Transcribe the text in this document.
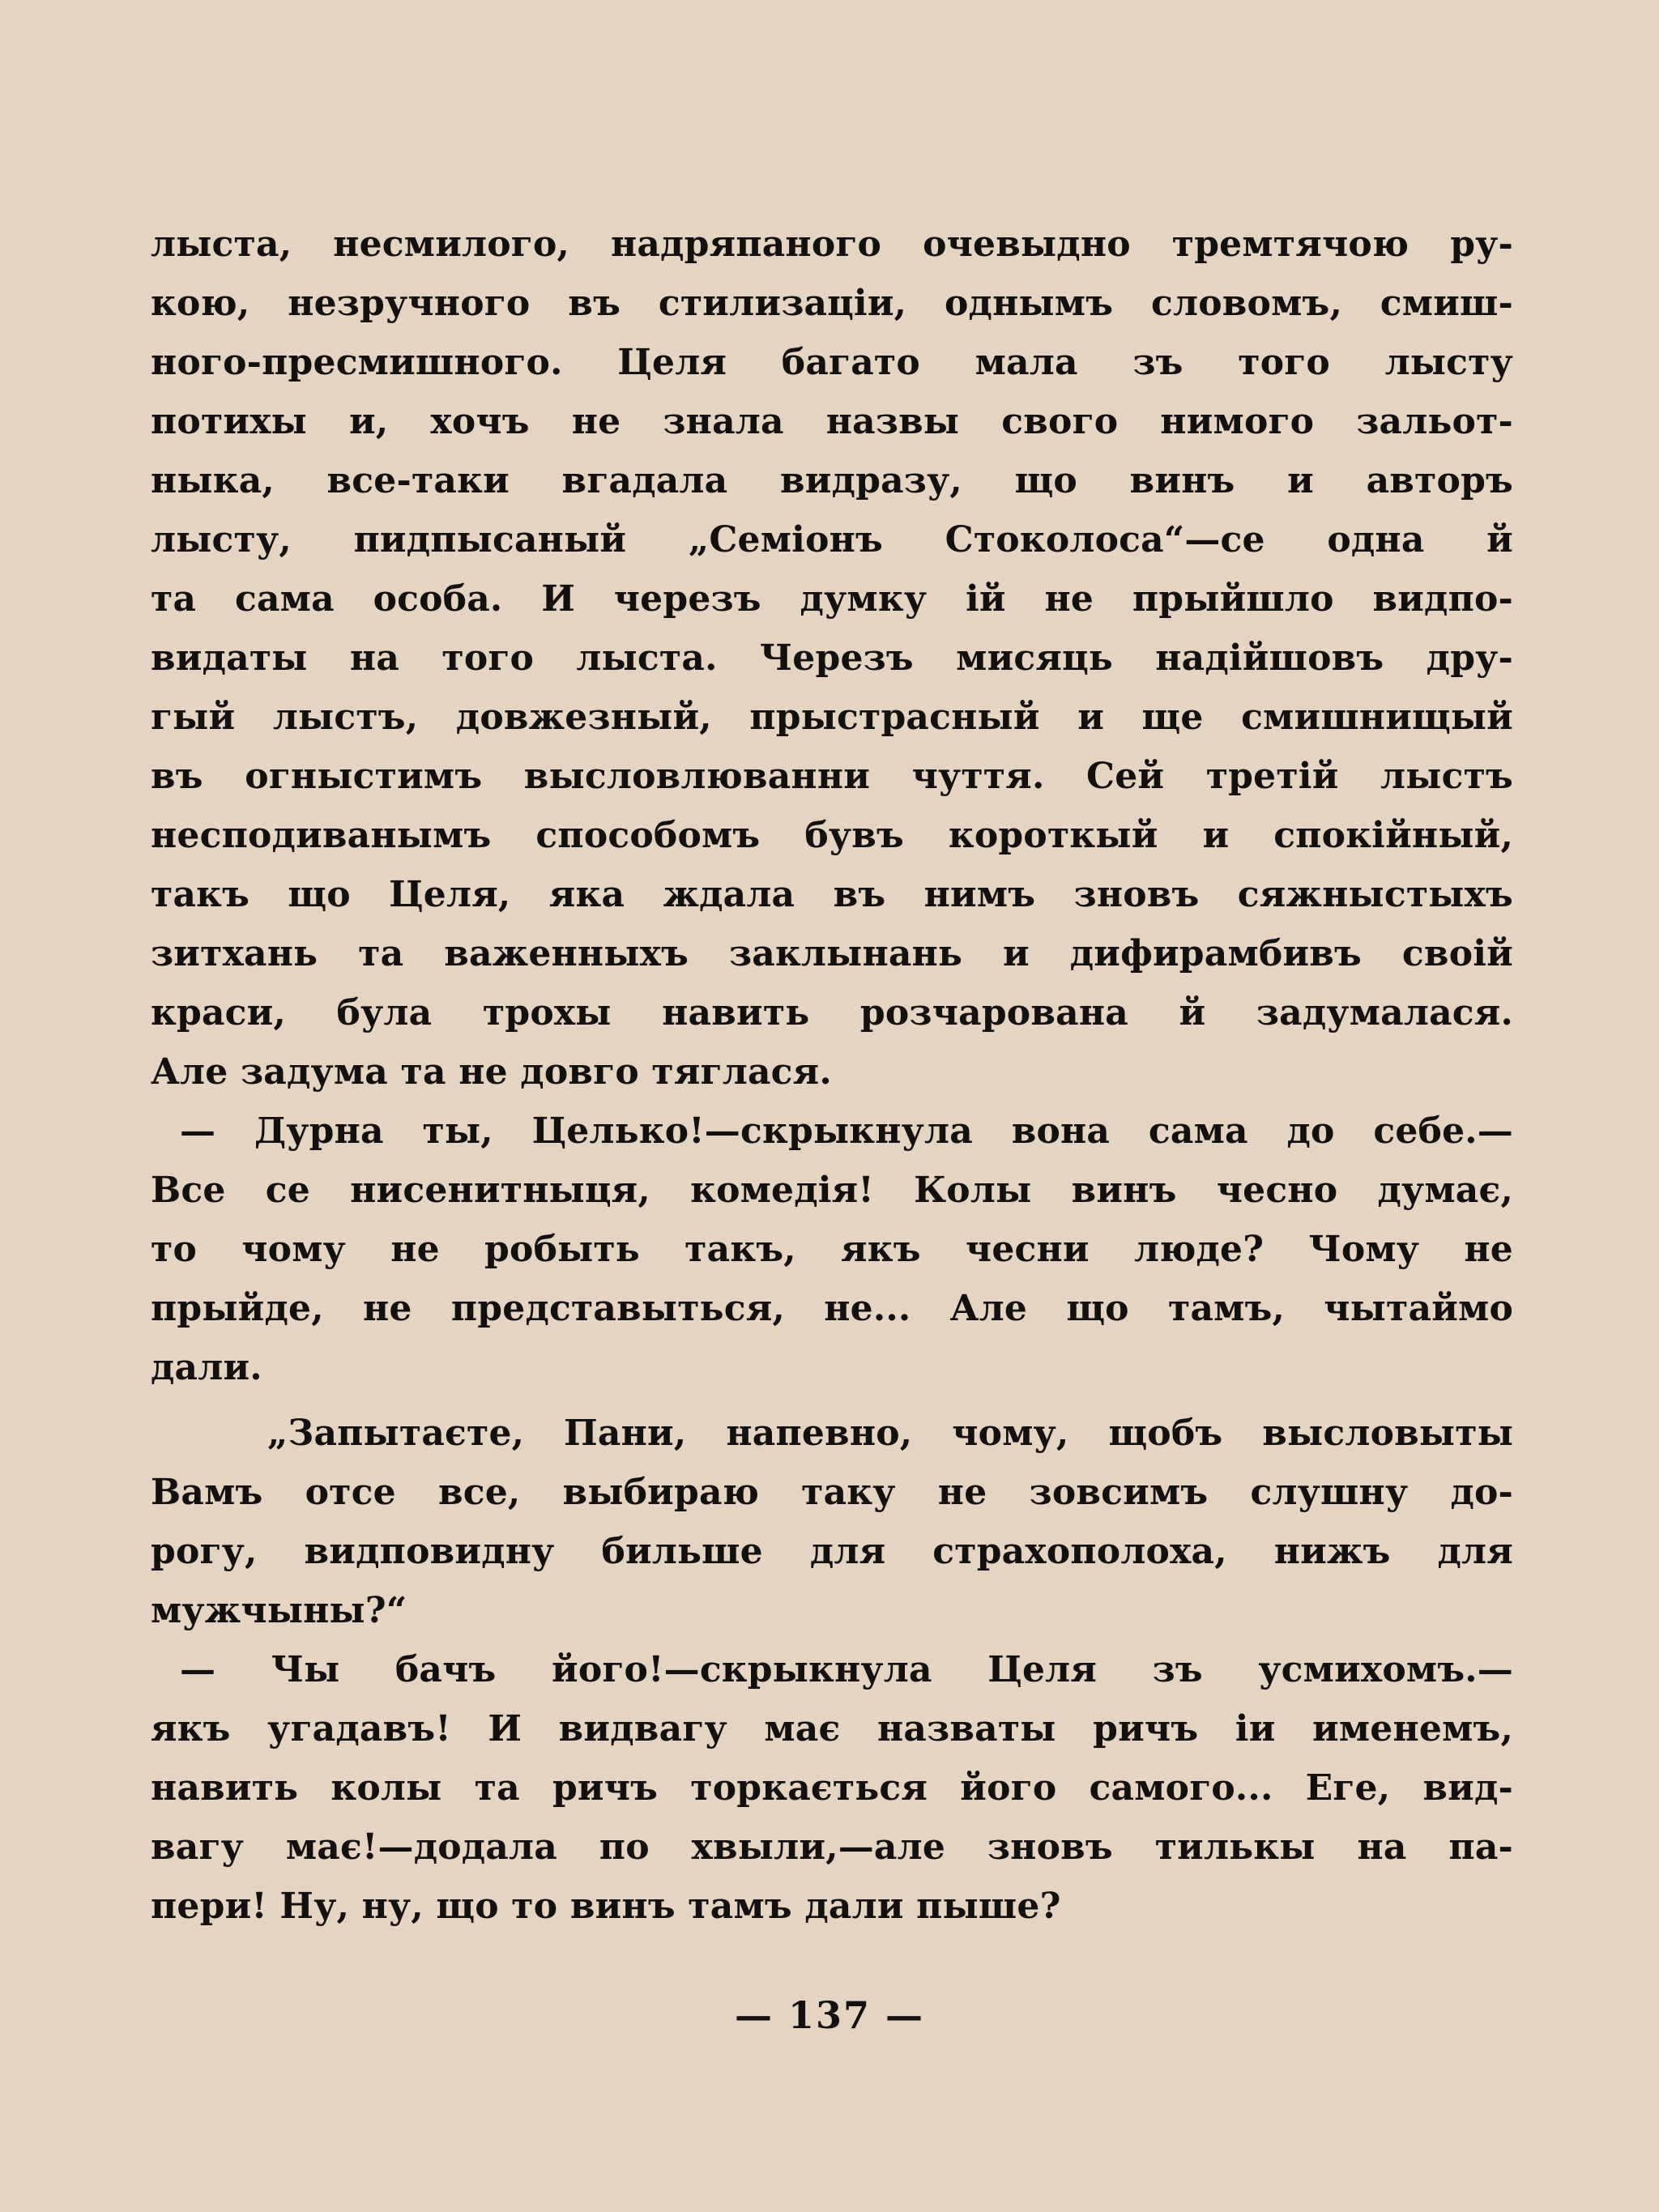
лыста, несмилого, надряпаного очевыдно тремтячою ру-
кою, незручного въ стилизаціи, однымъ словомъ, смиш-
ного-пресмишного. Целя багато мала зъ того лысту
потихы и, хочъ не знала назвы свого нимого зальот-
ныка, все-таки вгадала видразу, що винъ и авторъ
лысту, пидпысаный „Семіонъ Стоколоса“—се одна й
та сама особа. И черезъ думку ій не прыйшло видпо-
видаты на того лыста. Черезъ мисяць надійшовъ дру-
гый лыстъ, довжезный, прыстрасный и ще смишнищый
въ огныстимъ высловлюванни чуття. Сей третій лыстъ
несподиванымъ способомъ бувъ короткый и спокійный,
такъ що Целя, яка ждала въ нимъ зновъ сяжныстыхъ
зитхань та важенныхъ заклынань и дифирамбивъ своій
краси, була трохы навить розчарована й задумалася.
Але задума та не довго тяглася.
— Дурна ты, Целько!—скрыкнула вона сама до себе.—
Все се нисенитныця, комедія! Колы винъ чесно думає,
то чому не робыть такъ, якъ чесни люде? Чому не
прыйде, не представыться, не... Але що тамъ, чытаймо
дали.
„Запытаєте, Пани, напевно, чому, щобъ высловыты
Вамъ отсе все, выбираю таку не зовсимъ слушну до-
рогу, видповидну бильше для страхополоха, нижъ для
мужчыны?“
— Чы бачъ його!—скрыкнула Целя зъ усмихомъ.—
якъ угадавъ! И видвагу має назваты ричъ іи именемъ,
навить колы та ричъ торкається його самого... Еге, вид-
вагу має!—додала по хвыли,—але зновъ тилькы на па-
пери! Ну, ну, що то винъ тамъ дали пыше?
— 137 —
